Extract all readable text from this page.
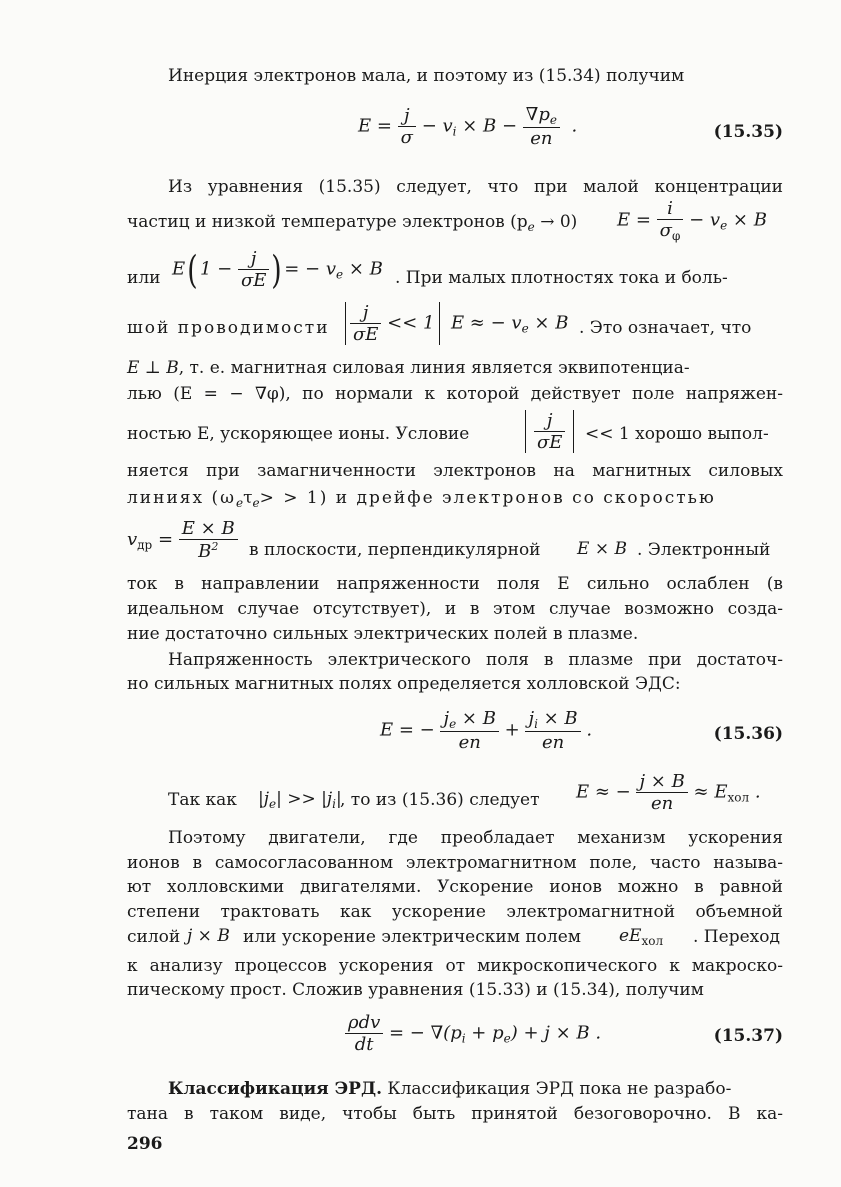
Инерция электронов мала, и поэтому из (15.34) получим
$E = \frac{j}{\sigma} - v_i \times B - \frac{\nabla p_e}{en}$ .	(15.35)
Из уравнения (15.35) следует, что при малой концентрации
частиц и низкой температуре электронов $(p_e \to 0) E = \frac{i}{\sigma_\varphi} - v_e \times B$
или E( $1 - \frac{j}{\sigma E}$ ) = − $v_e \times B$ . При малых плотностях тока и боль-
шой проводимости $\frac{j}{\sigma E} << 1$  E ≈ − $v_e \times B$ . Это означает, что
E ⊥ B, т. е. магнитная силовая линия является эквипотенциа-
лью (E = − ∇φ), по нормали к которой действует поле напряжен-
ностью E, ускоряющее ионы. Условие	$\frac{j}{\sigma E} << 1$ хорошо выпол-
няется при замагниченности электронов на магнитных силовых
линиях $(\omega_e\tau_e> > 1)$ и дрейфе электронов со скоростью
$v_{др} = \frac{E \times B}{B^2}$ в плоскости, перпендикулярной E × B . Электронный
ток в направлении напряженности поля E сильно ослаблен (в
идеальном случае отсутствует), и в этом случае возможно созда-
ние достаточно сильных электрических полей в плазме.
Напряженность электрического поля в плазме при достаточ-
но сильных магнитных полях определяется холловской ЭДС:
E = − $\frac{j_e \times B}{en} + \frac{j_i \times B}{en}$ .	(15.36)
Так как $|j_e| >> |j_i|$
, то из (15.36) следует E ≈ − $\frac{j \times B}{en} \approx E_{хол}$ .
Поэтому двигатели, где преобладает механизм ускорения
ионов в самосогласованном электромагнитном поле, часто называ-
ют холловскими двигателями. Ускорение ионов можно в равной
степени трактовать как ускорение электромагнитной объемной
силой j × B или ускорение электрическим полем $eE_{хол}$ . Переход
к анализу процессов ускорения от микроскопического к макроско-
пическому прост. Сложив уравнения (15.33) и (15.34), получим
$\frac{\text{ρdv}}{dt}$ = − $\nabla(p_i + p_e) + j \times B$ .	(15.37)
Классификация ЭРД. Классификация ЭРД пока не разрабо-
тана в таком виде, чтобы быть принятой безоговорочно. В ка-
296
